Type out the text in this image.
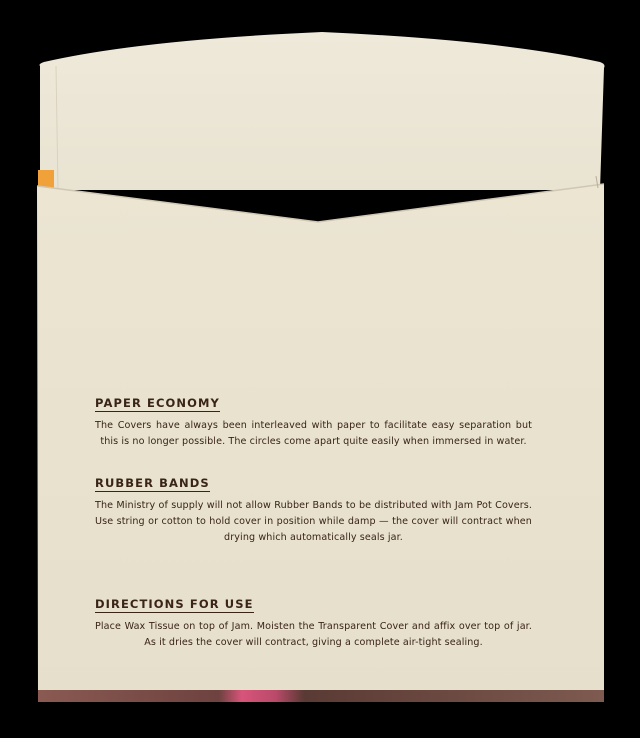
PAPER ECONOMY

The Covers have always been interleaved with paper to facilitate easy separation but this is no longer possible. The circles come apart quite easily when immersed in water.

RUBBER BANDS

The Ministry of supply will not allow Rubber Bands to be distributed with Jam Pot Covers. Use string or cotton to hold cover in position while damp — the cover will contract when drying which automatically seals jar.

DIRECTIONS FOR USE

Place Wax Tissue on top of Jam. Moisten the Transparent Cover and affix over top of jar. As it dries the cover will contract, giving a complete air-tight sealing.
